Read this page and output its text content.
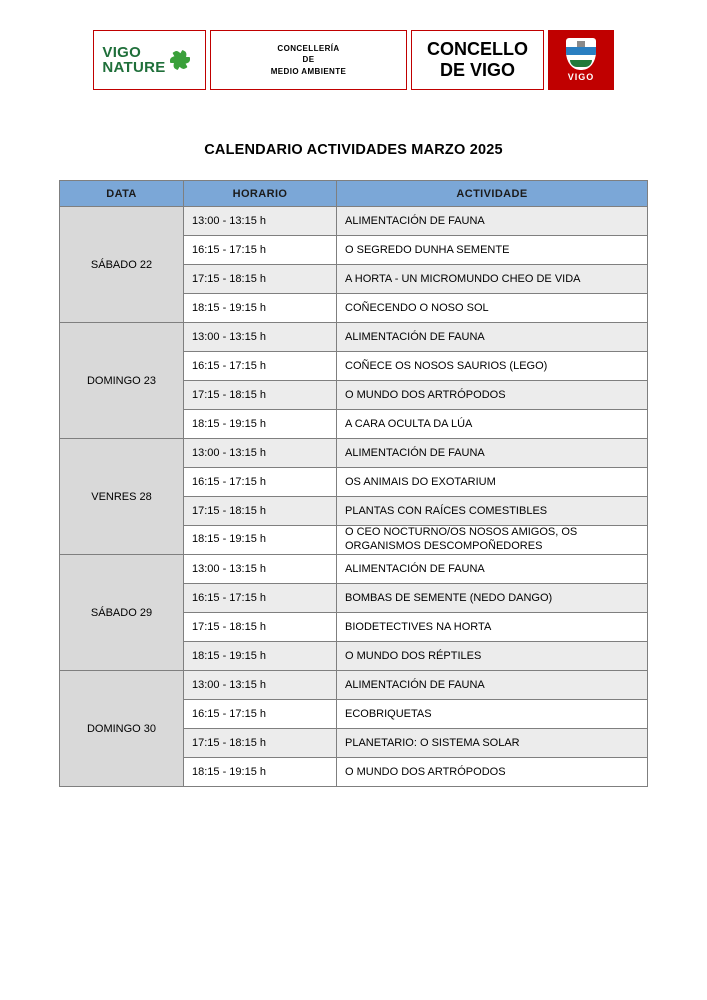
VIGO
NATURE
CONCELLERÍA
DE
MEDIO AMBIENTE
CONCELLO
DE VIGO	VIGO
CALENDARIO ACTIVIDADES MARZO 2025
DATA	HORARIO	ACTIVIDADE
SÁBADO 22	13:00 - 13:15 h	ALIMENTACIÓN DE FAUNA
	16:15 - 17:15 h	O SEGREDO DUNHA SEMENTE
	17:15 - 18:15 h	A HORTA - UN MICROMUNDO CHEO DE VIDA
	18:15 - 19:15 h	COÑECENDO O NOSO SOL
DOMINGO 23	13:00 - 13:15 h	ALIMENTACIÓN DE FAUNA
	16:15 - 17:15 h	COÑECE OS NOSOS SAURIOS (LEGO)
	17:15 - 18:15 h	O MUNDO DOS ARTRÓPODOS
	18:15 - 19:15 h	A CARA OCULTA DA LÚA
VENRES 28	13:00 - 13:15 h	ALIMENTACIÓN DE FAUNA
	16:15 - 17:15 h	OS ANIMAIS DO EXOTARIUM
	17:15 - 18:15 h	PLANTAS CON RAÍCES COMESTIBLES
	18:15 - 19:15 h	O CEO NOCTURNO/OS NOSOS AMIGOS, OS ORGANISMOS DESCOMPOÑEDORES
SÁBADO 29	13:00 - 13:15 h	ALIMENTACIÓN DE FAUNA
	16:15 - 17:15 h	BOMBAS DE SEMENTE (NEDO DANGO)
	17:15 - 18:15 h	BIODETECTIVES NA HORTA
	18:15 - 19:15 h	O MUNDO DOS RÉPTILES
DOMINGO 30	13:00 - 13:15 h	ALIMENTACIÓN DE FAUNA
	16:15 - 17:15 h	ECOBRIQUETAS
	17:15 - 18:15 h	PLANETARIO: O SISTEMA SOLAR
	18:15 - 19:15 h	O MUNDO DOS ARTRÓPODOS
